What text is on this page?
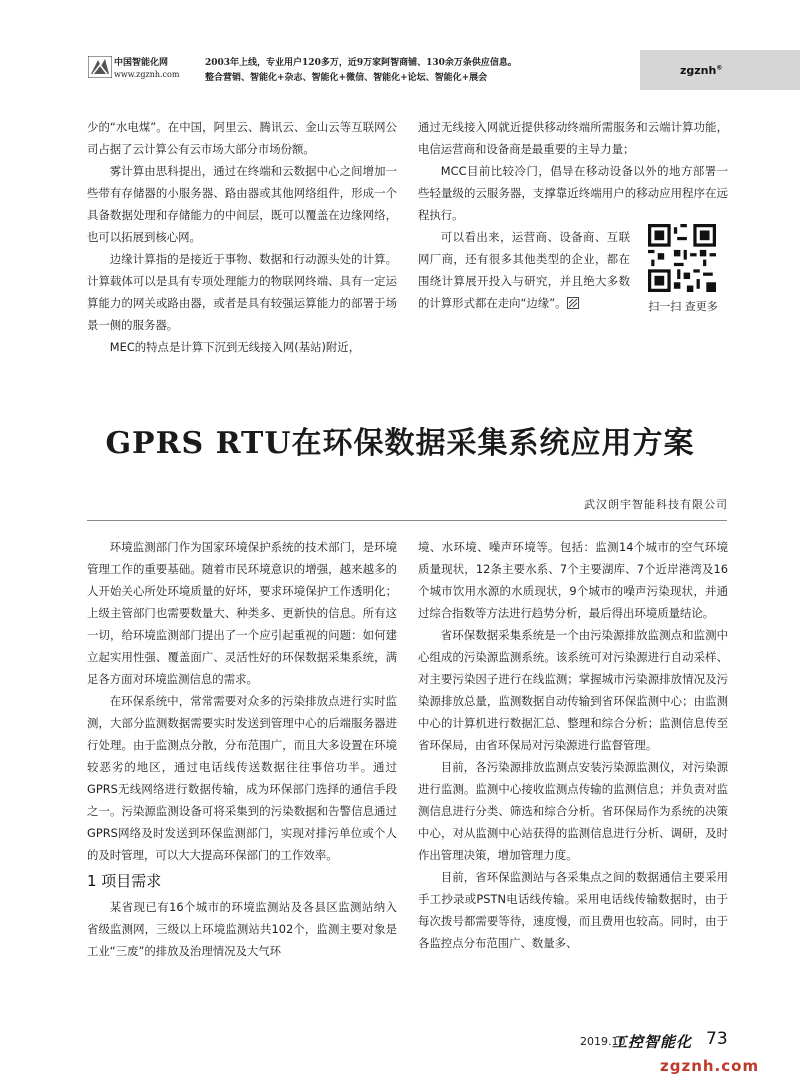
中国智能化网
www.zgznh.com
2003年上线，专业用户120多万，近9万家阿智商铺、130余万条供应信息。
整合营销、智能化+杂志、智能化+微信、智能化+论坛、智能化+展会
zgznh®

少的“水电煤”。在中国，阿里云、腾讯云、金山云等互联网公司占据了云计算公有云市场大部分市场份额。

雾计算由思科提出，通过在终端和云数据中心之间增加一些带有存储器的小服务器、路由器或其他网络组件，形成一个具备数据处理和存储能力的中间层，既可以覆盖在边缘网络，也可以拓展到核心网。

边缘计算指的是接近于事物、数据和行动源头处的计算。计算载体可以是具有专项处理能力的物联网终端、具有一定运算能力的网关或路由器，或者是具有较强运算能力的部署于场景一侧的服务器。

MEC的特点是计算下沉到无线接入网(基站)附近，

通过无线接入网就近提供移动终端所需服务和云端计算功能，电信运营商和设备商是最重要的主导力量；

MCC目前比较冷门，倡导在移动设备以外的地方部署一些轻量级的云服务器，支撑靠近终端用户的移动应用程序在远程执行。

可以看出来，运营商、设备商、互联网厂商，还有很多其他类型的企业，都在围绕计算展开投入与研究，并且绝大多数的计算形式都在走向“边缘”。	扫一扫 查更多
GPRS RTU在环保数据采集系统应用方案
武汉朗宇智能科技有限公司

环境监测部门作为国家环境保护系统的技术部门，是环境管理工作的重要基础。随着市民环境意识的增强，越来越多的人开始关心所处环境质量的好坏，要求环境保护工作透明化；上级主管部门也需要数量大、种类多、更新快的信息。所有这一切，给环境监测部门提出了一个应引起重视的问题：如何建立起实用性强、覆盖面广、灵活性好的环保数据采集系统，满足各方面对环境监测信息的需求。

在环保系统中，常常需要对众多的污染排放点进行实时监测，大部分监测数据需要实时发送到管理中心的后端服务器进行处理。由于监测点分散，分布范围广，而且大多设置在环境较恶劣的地区，通过电话线传送数据往往事倍功半。通过GPRS无线网络进行数据传输，成为环保部门选择的通信手段之一。污染源监测设备可将采集到的污染数据和告警信息通过GPRS网络及时发送到环保监测部门，实现对排污单位或个人的及时管理，可以大大提高环保部门的工作效率。

1 项目需求

某省现已有16个城市的环境监测站及各县区监测站纳入省级监测网，三级以上环境监测站共102个，监测主要对象是工业“三废”的排放及治理情况及大气环

境、水环境、噪声环境等。包括：监测14个城市的空气环境质量现状，12条主要水系、7个主要湖库、7个近岸港湾及16个城市饮用水源的水质现状，9个城市的噪声污染现状，并通过综合指数等方法进行趋势分析，最后得出环境质量结论。

省环保数据采集系统是一个由污染源排放监测点和监测中心组成的污染源监测系统。该系统可对污染源进行自动采样、对主要污染因子进行在线监测；掌握城市污染源排放情况及污染源排放总量，监测数据自动传输到省环保监测中心；由监测中心的计算机进行数据汇总、整理和综合分析；监测信息传至省环保局，由省环保局对污染源进行监督管理。

目前，各污染源排放监测点安装污染源监测仪，对污染源进行监测。监测中心接收监测点传输的监测信息；并负责对监测信息进行分类、筛选和综合分析。省环保局作为系统的决策中心，对从监测中心站获得的监测信息进行分析、调研，及时作出管理决策，增加管理力度。

目前，省环保监测站与各采集点之间的数据通信主要采用手工抄录或PSTN电话线传输。采用电话线传输数据时，由于每次拨号都需要等待，速度慢，而且费用也较高。同时，由于各监控点分布范围广、数量多、

2019.10
工控智能化 73
zgznh.com
